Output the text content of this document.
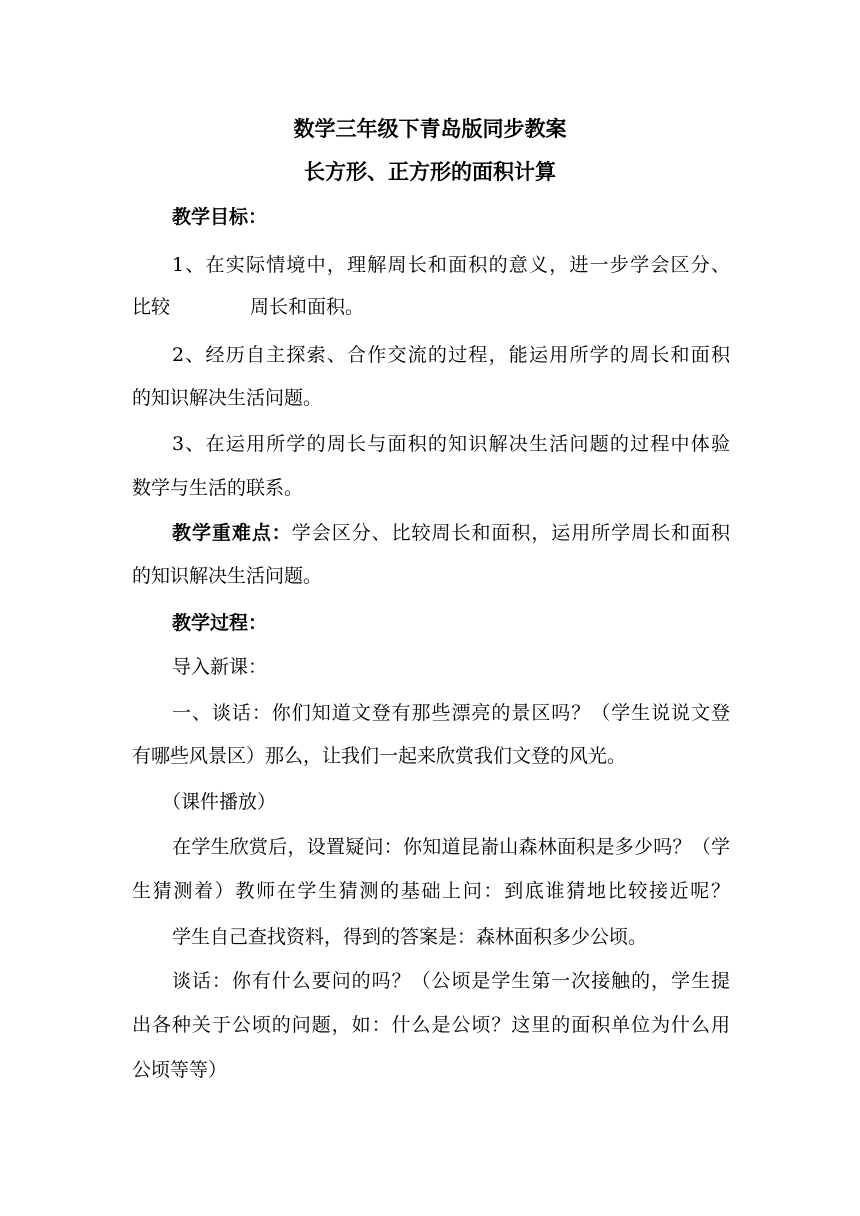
数学三年级下青岛版同步教案
长方形、正方形的面积计算
教学目标：
1、在实际情境中，理解周长和面积的意义，进一步学会区分、
比较	周长和面积。
2、经历自主探索、合作交流的过程，能运用所学的周长和面积
的知识解决生活问题。
3、在运用所学的周长与面积的知识解决生活问题的过程中体验
数学与生活的联系。
教学重难点：学会区分、比较周长和面积，运用所学周长和面积
的知识解决生活问题。
教学过程：
导入新课：
一、谈话：你们知道文登有那些漂亮的景区吗？（学生说说文登
有哪些风景区）那么，让我们一起来欣赏我们文登的风光。
（课件播放）
在学生欣赏后，设置疑问：你知道昆嵛山森林面积是多少吗？（学
生猜测着）教师在学生猜测的基础上问：到底谁猜地比较接近呢？
学生自己查找资料，得到的答案是：森林面积多少公顷。
谈话：你有什么要问的吗？（公顷是学生第一次接触的，学生提
出各种关于公顷的问题，如：什么是公顷？这里的面积单位为什么用
公顷等等）
